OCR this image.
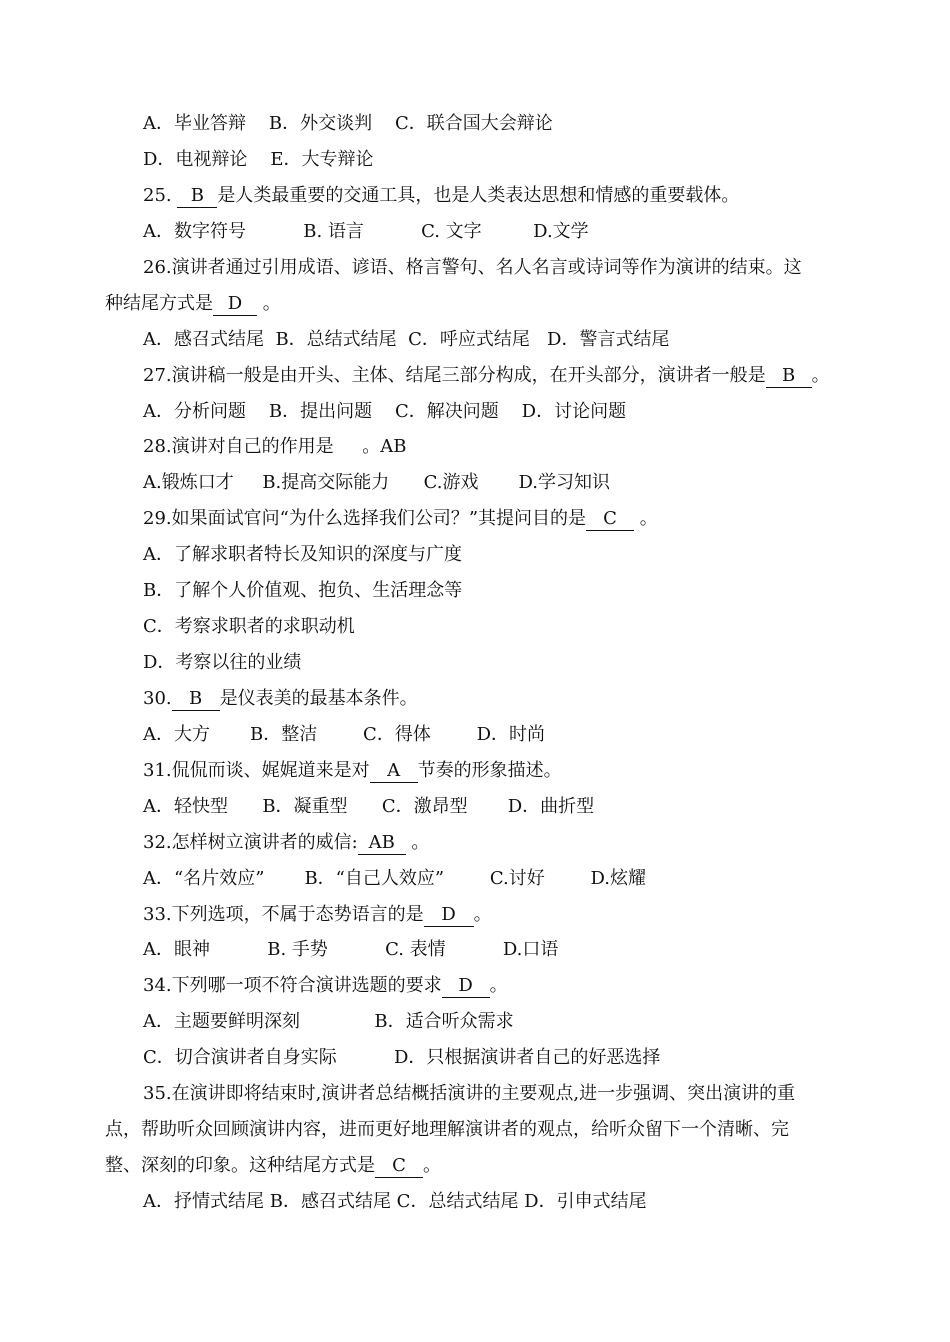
A．毕业答辩    B．外交谈判    C．联合国大会辩论
D．电视辩论    E．大专辩论
25. B 是人类最重要的交通工具，也是人类表达思想和情感的重要载体。
A．数字符号          B. 语言          C. 文字         D.文学
26.演讲者通过引用成语、谚语、格言警句、名人名言或诗词等作为演讲的结束。这
种结尾方式是 D 。
A．感召式结尾  B．总结式结尾  C．呼应式结尾   D．警言式结尾
27.演讲稿一般是由开头、主体、结尾三部分构成，在开头部分，演讲者一般是 B 。
A．分析问题    B．提出问题    C．解决问题    D．讨论问题
28.演讲对自己的作用是     。AB
A.锻炼口才     B.提高交际能力      C.游戏       D.学习知识
29.如果面试官问“为什么选择我们公司？”其提问目的是 C 。
A．了解求职者特长及知识的深度与广度
B．了解个人价值观、抱负、生活理念等
C．考察求职者的求职动机
D．考察以往的业绩
30. B 是仪表美的最基本条件。
A．大方       B．整洁        C．得体        D．时尚
31.侃侃而谈、娓娓道来是对 A 节奏的形象描述。
A．轻快型      B．凝重型      C．激昂型       D．曲折型
32.怎样树立演讲者的威信: AB 。
A．“名片效应”       B．“自己人效应”        C.讨好        D.炫耀
33.下列选项，不属于态势语言的是 D 。
A．眼神          B. 手势          C. 表情          D.口语
34.下列哪一项不符合演讲选题的要求 D 。
A．主题要鲜明深刻             B．适合听众需求
C．切合演讲者自身实际          D．只根据演讲者自己的好恶选择
35.在演讲即将结束时,演讲者总结概括演讲的主要观点,进一步强调、突出演讲的重
点，帮助听众回顾演讲内容，进而更好地理解演讲者的观点，给听众留下一个清晰、完
整、深刻的印象。这种结尾方式是 C 。
A．抒情式结尾 B．感召式结尾 C．总结式结尾 D．引申式结尾
